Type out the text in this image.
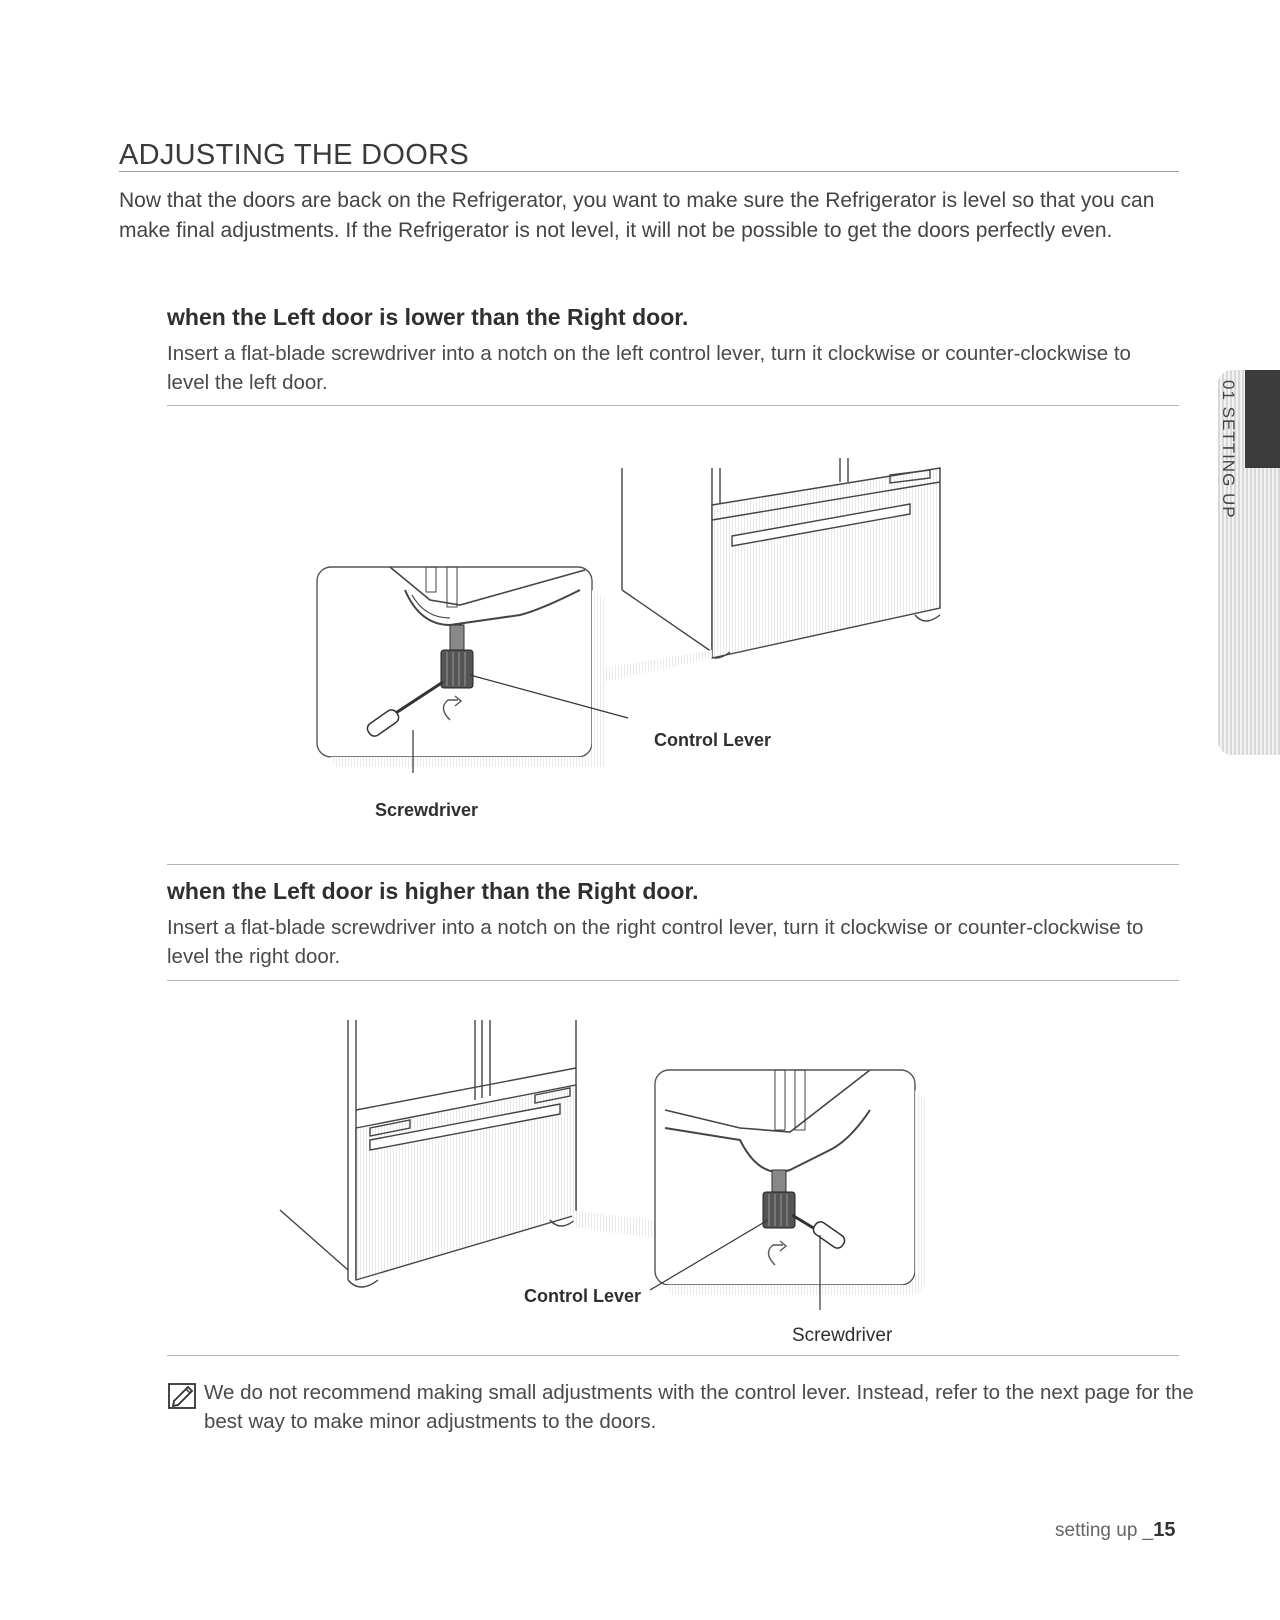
ADJUSTING THE DOORS

Now that the doors are back on the Refrigerator, you want to make sure the Refrigerator is level so that you can make final adjustments. If the Refrigerator is not level, it will not be possible to get the doors perfectly even.

01 SETTING UP
when the Left door is lower than the Right door.

Insert a flat-blade screwdriver into a notch on the left control lever, turn it clockwise or counter-clockwise to level the left door.

Control Lever
Screwdriver
when the Left door is higher than the Right door.

Insert a flat-blade screwdriver into a notch on the right control lever, turn it clockwise or counter-clockwise to level the right door.

Control Lever
Screwdriver

We do not recommend making small adjustments with the control lever. Instead, refer to the next page for the best way to make minor adjustments to the doors.

setting up _15
